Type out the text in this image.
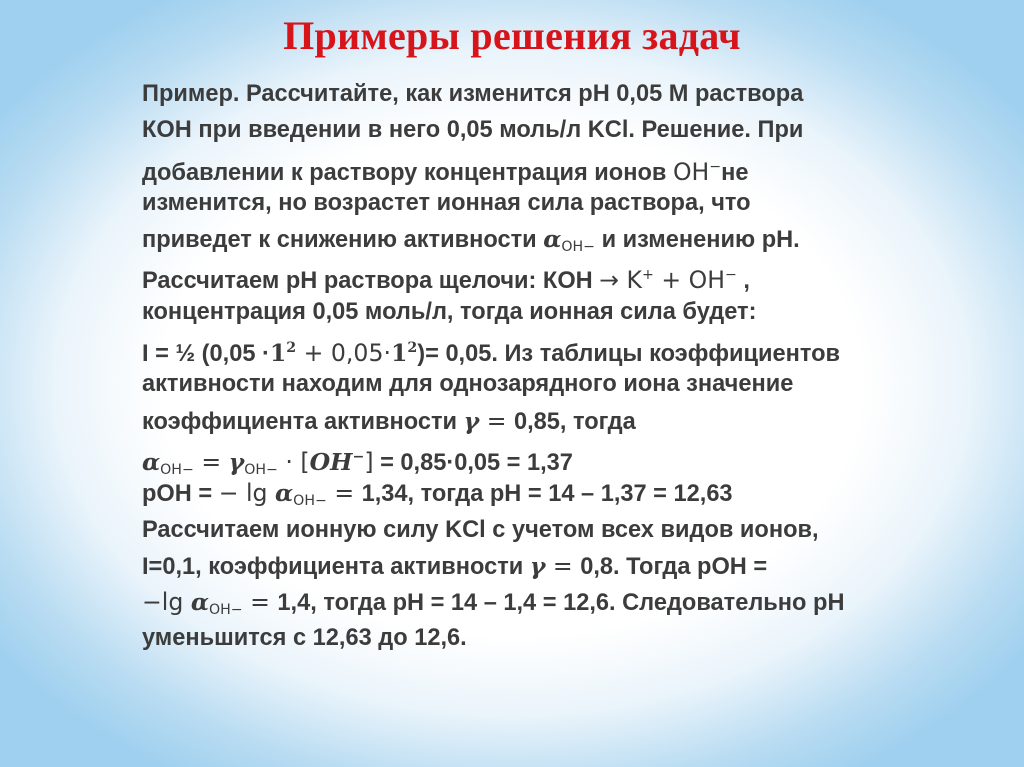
Примеры решения задач
Пример. Рассчитайте, как изменится рН 0,05 М раствора
КОН при введении в него 0,05 моль/л KCl. Решение. При
добавлении к раствору концентрация ионов OH−не
изменится, но возрастет ионная сила раствора, что
приведет к снижению активности $\alpha_{OH-}$ и изменению рН.
Рассчитаем рН раствора щелочи: КОН → K+ + OH− ,
концентрация 0,05 моль/л, тогда ионная сила будет:
I = ½ $(0,05 \cdot 1^2 + 0,05\cdot 1^2)= 0,05$. Из таблицы коэффициентов
активности находим для однозарядного иона значение
коэффициента активности γ = 0,85, тогда
$\alpha_{OH-} = \gamma_{OH-} \cdot [OH^-] = 0,85\cdot 0,05 = 1,37$
рОН = − $\lg \alpha_{OH-} = 1,34$, тогда рН = 14 – 1,37 = 12,63
Рассчитаем ионную силу KCl с учетом всех видов ионов,
I=0,1, коэффициента активности γ = 0,8. Тогда рОН =
−lg $\alpha_{OH-} = 1,4$, тогда рН = 14 – 1,4 = 12,6. Следовательно рН
уменьшится с 12,63 до 12,6.
